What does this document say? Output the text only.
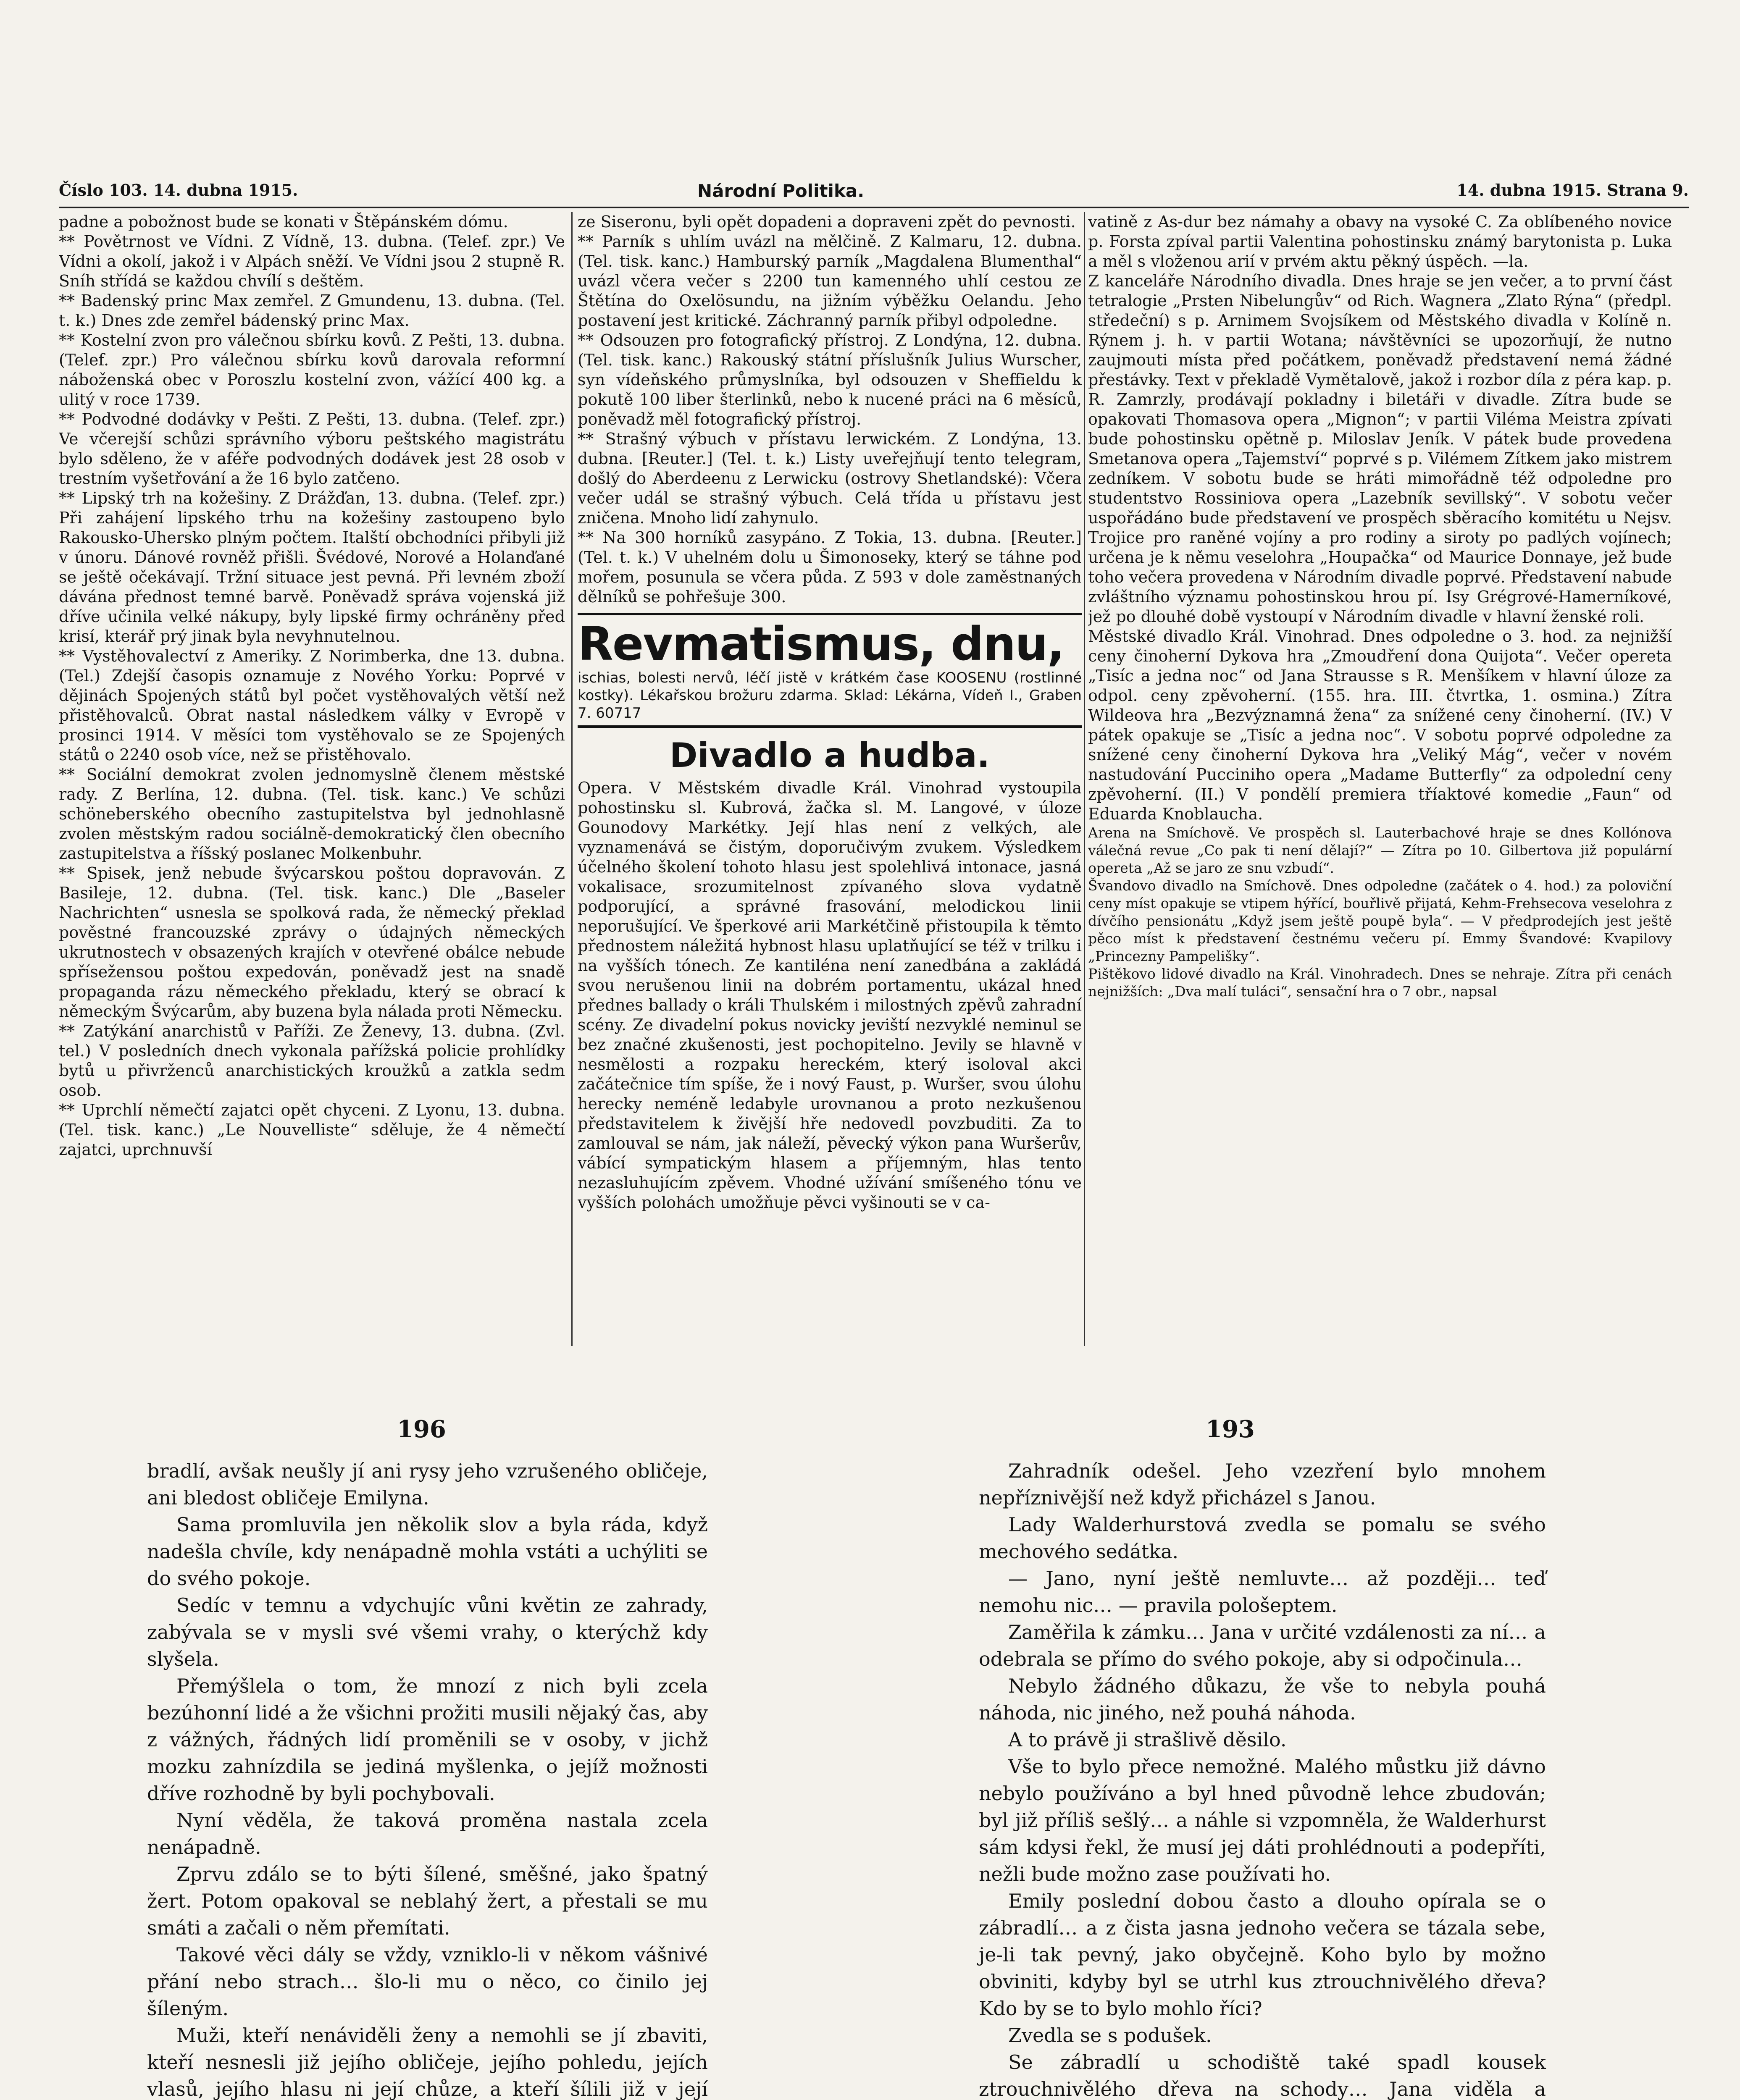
Číslo 103. 14. dubna 1915.	Národní Politika.	14. dubna 1915. Strana 9.

padne a pobožnost bude se konati v Štěpánském dómu.

** Povětrnost ve Vídni. Z Vídně, 13. dubna. (Telef. zpr.) Ve Vídni a okolí, jakož i v Alpách sněží. Ve Vídni jsou 2 stupně R. Sníh střídá se každou chvílí s deštěm.

** Badenský princ Max zemřel. Z Gmundenu, 13. dubna. (Tel. t. k.) Dnes zde zemřel bádenský princ Max.

** Kostelní zvon pro válečnou sbírku kovů. Z Pešti, 13. dubna. (Telef. zpr.) Pro válečnou sbírku kovů darovala reformní náboženská obec v Poroszlu kostelní zvon, vážící 400 kg. a ulitý v roce 1739.

** Podvodné dodávky v Pešti. Z Pešti, 13. dubna. (Telef. zpr.) Ve včerejší schůzi správního výboru peštského magistrátu bylo sděleno, že v aféře podvodných dodávek jest 28 osob v trestním vyšetřování a že 16 bylo zatčeno.

** Lipský trh na kožešiny. Z Drážďan, 13. dubna. (Telef. zpr.) Při zahájení lipského trhu na kožešiny zastoupeno bylo Rakousko-Uhersko plným počtem. Italští obchodníci přibyli již v únoru. Dánové rovněž přišli. Švédové, Norové a Holanďané se ještě očekávají. Tržní situace jest pevná. Při levném zboží dávána přednost temné barvě. Poněvadž správa vojenská již dříve učinila velké nákupy, byly lipské firmy ochráněny před krisí, kterář prý jinak byla nevyhnutelnou.

** Vystěhovalectví z Ameriky. Z Norimberka, dne 13. dubna. (Tel.) Zdejší časopis oznamuje z Nového Yorku: Poprvé v dějinách Spojených států byl počet vystěhovalých větší než přistěhovalců. Obrat nastal následkem války v Evropě v prosinci 1914. V měsíci tom vystěhovalo se ze Spojených států o 2240 osob více, než se přistěhovalo.

** Sociální demokrat zvolen jednomyslně členem městské rady. Z Berlína, 12. dubna. (Tel. tisk. kanc.) Ve schůzi schöneberského obecního zastupitelstva byl jednohlasně zvolen městským radou sociálně-demokratický člen obecního zastupitelstva a říšský poslanec Molkenbuhr.

** Spisek, jenž nebude švýcarskou poštou dopravován. Z Basileje, 12. dubna. (Tel. tisk. kanc.) Dle „Baseler Nachrichten“ usnesla se spolková rada, že německý překlad pověstné francouzské zprávy o údajných německých ukrutnostech v obsazených krajích v otevřené obálce nebude spřísežensou poštou expedován, poněvadž jest na snadě propaganda rázu německého překladu, který se obrací k německým Švýcarům, aby buzena byla nálada proti Německu.

** Zatýkání anarchistů v Paříži. Ze Ženevy, 13. dubna. (Zvl. tel.) V posledních dnech vykonala pařížská policie prohlídky bytů u přivrženců anarchistických kroužků a zatkla sedm osob.

** Uprchlí němečtí zajatci opět chyceni. Z Lyonu, 13. dubna. (Tel. tisk. kanc.) „Le Nouvelliste“ sděluje, že 4 němečtí zajatci, uprchnuvší

ze Siseronu, byli opět dopadeni a dopraveni zpět do pevnosti.

** Parník s uhlím uvázl na mělčině. Z Kalmaru, 12. dubna. (Tel. tisk. kanc.) Hamburský parník „Magdalena Blumenthal“ uvázl včera večer s 2200 tun kamenného uhlí cestou ze Štětína do Oxelösundu, na jižním výběžku Oelandu. Jeho postavení jest kritické. Záchranný parník přibyl odpoledne.

** Odsouzen pro fotografický přístroj. Z Londýna, 12. dubna. (Tel. tisk. kanc.) Rakouský státní příslušník Julius Wurscher, syn vídeňského průmyslníka, byl odsouzen v Sheffieldu k pokutě 100 liber šterlinků, nebo k nucené práci na 6 měsíců, poněvadž měl fotografický přístroj.

** Strašný výbuch v přístavu lerwickém. Z Londýna, 13. dubna. [Reuter.] (Tel. t. k.) Listy uveřejňují tento telegram, došlý do Aberdeenu z Lerwicku (ostrovy Shetlandské): Včera večer udál se strašný výbuch. Celá třída u přístavu jest zničena. Mnoho lidí zahynulo.

** Na 300 horníků zasypáno. Z Tokia, 13. dubna. [Reuter.] (Tel. t. k.) V uhelném dolu u Šimonoseky, který se táhne pod mořem, posunula se včera půda. Z 593 v dole zaměstnaných dělníků se pohřešuje 300.

Revmatismus, dnu,
ischias, bolesti nervů, léčí jistě v krátkém čase KOOSENU (rostlinné kostky). Lékařskou brožuru zdarma. Sklad: Lékárna, Vídeň I., Graben 7. 60717
Divadlo a hudba.

Opera. V Městském divadle Král. Vinohrad vystoupila pohostinsku sl. Kubrová, žačka sl. M. Langové, v úloze Gounodovy Markétky. Její hlas není z velkých, ale vyznamenává se čistým, doporučivým zvukem. Výsledkem účelného školení tohoto hlasu jest spolehlivá intonace, jasná vokalisace, srozumitelnost zpívaného slova vydatně podporující, a správné frasování, melodickou linii neporušující. Ve šperkové arii Markétčině přistoupila k těmto přednostem náležitá hybnost hlasu uplatňující se též v trilku i na vyšších tónech. Ze kantiléna není zanedbána a zakládá svou nerušenou linii na dobrém portamentu, ukázal hned přednes ballady o králi Thulském i milostných zpěvů zahradní scény. Ze divadelní pokus novicky jeviští nezvyklé neminul se bez značné zkušenosti, jest pochopitelno. Jevily se hlavně v nesmělosti a rozpaku hereckém, který isoloval akci začátečnice tím spíše, že i nový Faust, p. Wuršer, svou úlohu herecky neméně ledabyle urovnanou a proto nezkušenou představitelem k živější hře nedovedl povzbuditi. Za to zamlouval se nám, jak náleží, pěvecký výkon pana Wuršerův, vábící sympatickým hlasem a příjemným, hlas tento nezasluhujícím zpěvem. Vhodné užívání smíšeného tónu ve vyšších polohách umožňuje pěvci vyšinouti se v ca-

vatině z As-dur bez námahy a obavy na vysoké C. Za oblíbeného novice p. Forsta zpíval partii Valentina pohostinsku známý barytonista p. Luka a měl s vloženou arií v prvém aktu pěkný úspěch. —la.

Z kanceláře Národního divadla. Dnes hraje se jen večer, a to první část tetralogie „Prsten Nibelungův“ od Rich. Wagnera „Zlato Rýna“ (předpl. středeční) s p. Arnimem Svojsíkem od Městského divadla v Kolíně n. Rýnem j. h. v partii Wotana; návštěvníci se upozorňují, že nutno zaujmouti místa před počátkem, poněvadž představení nemá žádné přestávky. Text v překladě Vymětalově, jakož i rozbor díla z péra kap. p. R. Zamrzly, prodávají pokladny i biletáři v divadle. Zítra bude se opakovati Thomasova opera „Mignon“; v partii Viléma Meistra zpívati bude pohostinsku opětně p. Miloslav Jeník. V pátek bude provedena Smetanova opera „Tajemství“ poprvé s p. Vilémem Zítkem jako mistrem zedníkem. V sobotu bude se hráti mimořádně též odpoledne pro studentstvo Rossiniova opera „Lazebník sevillský“. V sobotu večer uspořádáno bude představení ve prospěch sběracího komitétu u Nejsv. Trojice pro raněné vojíny a pro rodiny a siroty po padlých vojínech; určena je k němu veselohra „Houpačka“ od Maurice Donnaye, jež bude toho večera provedena v Národním divadle poprvé. Představení nabude zvláštního významu pohostinskou hrou pí. Isy Grégrové-Hamerníkové, jež po dlouhé době vystoupí v Národním divadle v hlavní ženské roli.

Městské divadlo Král. Vinohrad. Dnes odpoledne o 3. hod. za nejnižší ceny činoherní Dykova hra „Zmoudření dona Quijota“. Večer opereta „Tisíc a jedna noc“ od Jana Strausse s R. Menšíkem v hlavní úloze za odpol. ceny zpěvoherní. (155. hra. III. čtvrtka, 1. osmina.) Zítra Wildeova hra „Bezvýznamná žena“ za snížené ceny činoherní. (IV.) V pátek opakuje se „Tisíc a jedna noc“. V sobotu poprvé odpoledne za snížené ceny činoherní Dykova hra „Veliký Mág“, večer v novém nastudování Pucciniho opera „Madame Butterfly“ za odpolední ceny zpěvoherní. (II.) V pondělí premiera tříaktové komedie „Faun“ od Eduarda Knoblaucha.

Arena na Smíchově. Ve prospěch sl. Lauterbachové hraje se dnes Kollónova válečná revue „Co pak ti není dělají?“ — Zítra po 10. Gilbertova již populární opereta „Až se jaro ze snu vzbudí“.

Švandovo divadlo na Smíchově. Dnes odpoledne (začátek o 4. hod.) za poloviční ceny míst opakuje se vtipem hýřící, bouřlivě přijatá, Kehm-Frehsecova veselohra z dívčího pensionátu „Když jsem ještě poupě byla“. — V předprodejích jest ještě pěco míst k představení čestnému večeru pí. Emmy Švandové: Kvapilovy „Princezny Pampelišky“.

Pištěkovo lidové divadlo na Král. Vinohradech. Dnes se nehraje. Zítra při cenách nejnižších: „Dva malí tuláci“, sensační hra o 7 obr., napsal

196	193

bradlí, avšak neušly jí ani rysy jeho vzrušeného obličeje, ani bledost obličeje Emilyna.

Sama promluvila jen několik slov a byla ráda, když nadešla chvíle, kdy nenápadně mohla vstáti a uchýliti se do svého pokoje.

Sedíc v temnu a vdychujíc vůni květin ze zahrady, zabývala se v mysli své všemi vrahy, o kterýchž kdy slyšela.

Přemýšlela o tom, že mnozí z nich byli zcela bezúhonní lidé a že všichni prožiti musili nějaký čas, aby z vážných, řádných lidí proměnili se v osoby, v jichž mozku zahnízdila se jediná myšlenka, o jejíž možnosti dříve rozhodně by byli pochybovali.

Nyní věděla, že taková proměna nastala zcela nenápadně.

Zprvu zdálo se to býti šílené, směšné, jako špatný žert. Potom opakoval se neblahý žert, a přestali se mu smáti a začali o něm přemítati.

Takové věci dály se vždy, vzniklo-li v někom vášnivé přání nebo strach… šlo-li mu o něco, co činilo jej šíleným.

Muži, kteří nenáviděli ženy a nemohli se jí zbaviti, kteří nesnesli již jejího obličeje, jejího pohledu, jejích vlasů, jejího hlasu ni její chůze, a kteří šílili již v její

Zahradník odešel. Jeho vzezření bylo mnohem nepříznivější než když přicházel s Janou.

Lady Walderhurstová zvedla se pomalu se svého mechového sedátka.

— Jano, nyní ještě nemluvte… až později… teď nemohu nic… — pravila pološeptem.

Zaměřila k zámku… Jana v určité vzdálenosti za ní… a odebrala se přímo do svého pokoje, aby si odpočinula…

Nebylo žádného důkazu, že vše to nebyla pouhá náhoda, nic jiného, než pouhá náhoda.

A to právě ji strašlivě děsilo.

Vše to bylo přece nemožné. Malého můstku již dávno nebylo používáno a byl hned původně lehce zbudován; byl již příliš sešlý… a náhle si vzpomněla, že Walderhurst sám kdysi řekl, že musí jej dáti prohlédnouti a podepříti, nežli bude možno zase používati ho.

Emily poslední dobou často a dlouho opírala se o zábradlí… a z čista jasna jednoho večera se tázala sebe, je-li tak pevný, jako obyčejně. Koho bylo by možno obviniti, kdyby byl se utrhl kus ztrouchnivělého dřeva? Kdo by se to bylo mohlo říci?

Zvedla se s podušek.

Se zábradlí u schodiště také spadl kousek ztrouchnivělého dřeva na schody… Jana viděla a
